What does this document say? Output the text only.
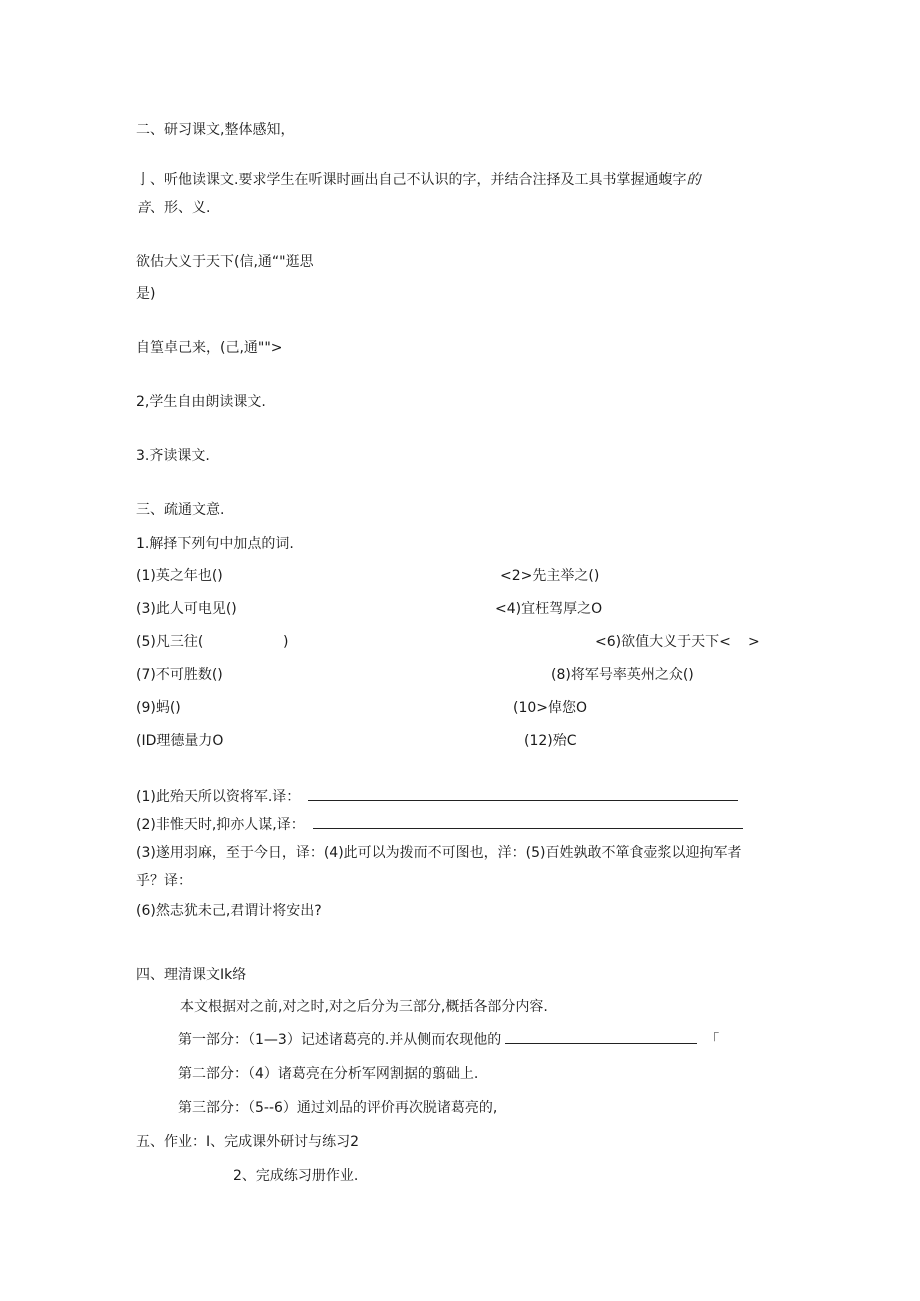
二、研习课文,整体感知，
亅、听他读课文.要求学生在听课时画出自己不认识的字，并结合注择及工具书掌握通蝮字的
音、形、义.
欲估大义于天下(信,通“"逛思
是)
自篁卓己来，(己,通"">
2,学生自由朗读课文.
3.齐读课文.
三、疏通文意.
1.解择下列句中加点的词.
(1)英之年也()	<2>先主举之()
(3)此人可电见()	<4)宜枉驾厚之O
(5)凡三往(	)	<6)欲值大义于天下< >
(7)不可胜数()	(8)将军号率英州之众()
(9)蚂()	(10>倬您O
(ID理德量力O	(12)殆C
(1)此殆天所以资将军.译：
(2)非惟天时,抑亦人谋,译：
(3)遂用羽麻，至于今日，译：(4)此可以为拨而不可图也，洋：(5)百姓孰敢不箪食壶浆以迎拘军者
乎？译：
(6)然志犹未己,君谓计将安出?
四、理清课文Ik络
本文根据对之前,对之时,对之后分为三部分,概括各部分内容.
第一部分：（1—3）记述诸葛亮的.并从侧而农现他的	「
第二部分：（4）诸葛亮在分析军网割据的翦础上.
第三部分：（5--6）通过刘品的评价再次脱诸葛亮的,
五、作业：I、完成课外研讨与练习2
2、完成练习册作业.
